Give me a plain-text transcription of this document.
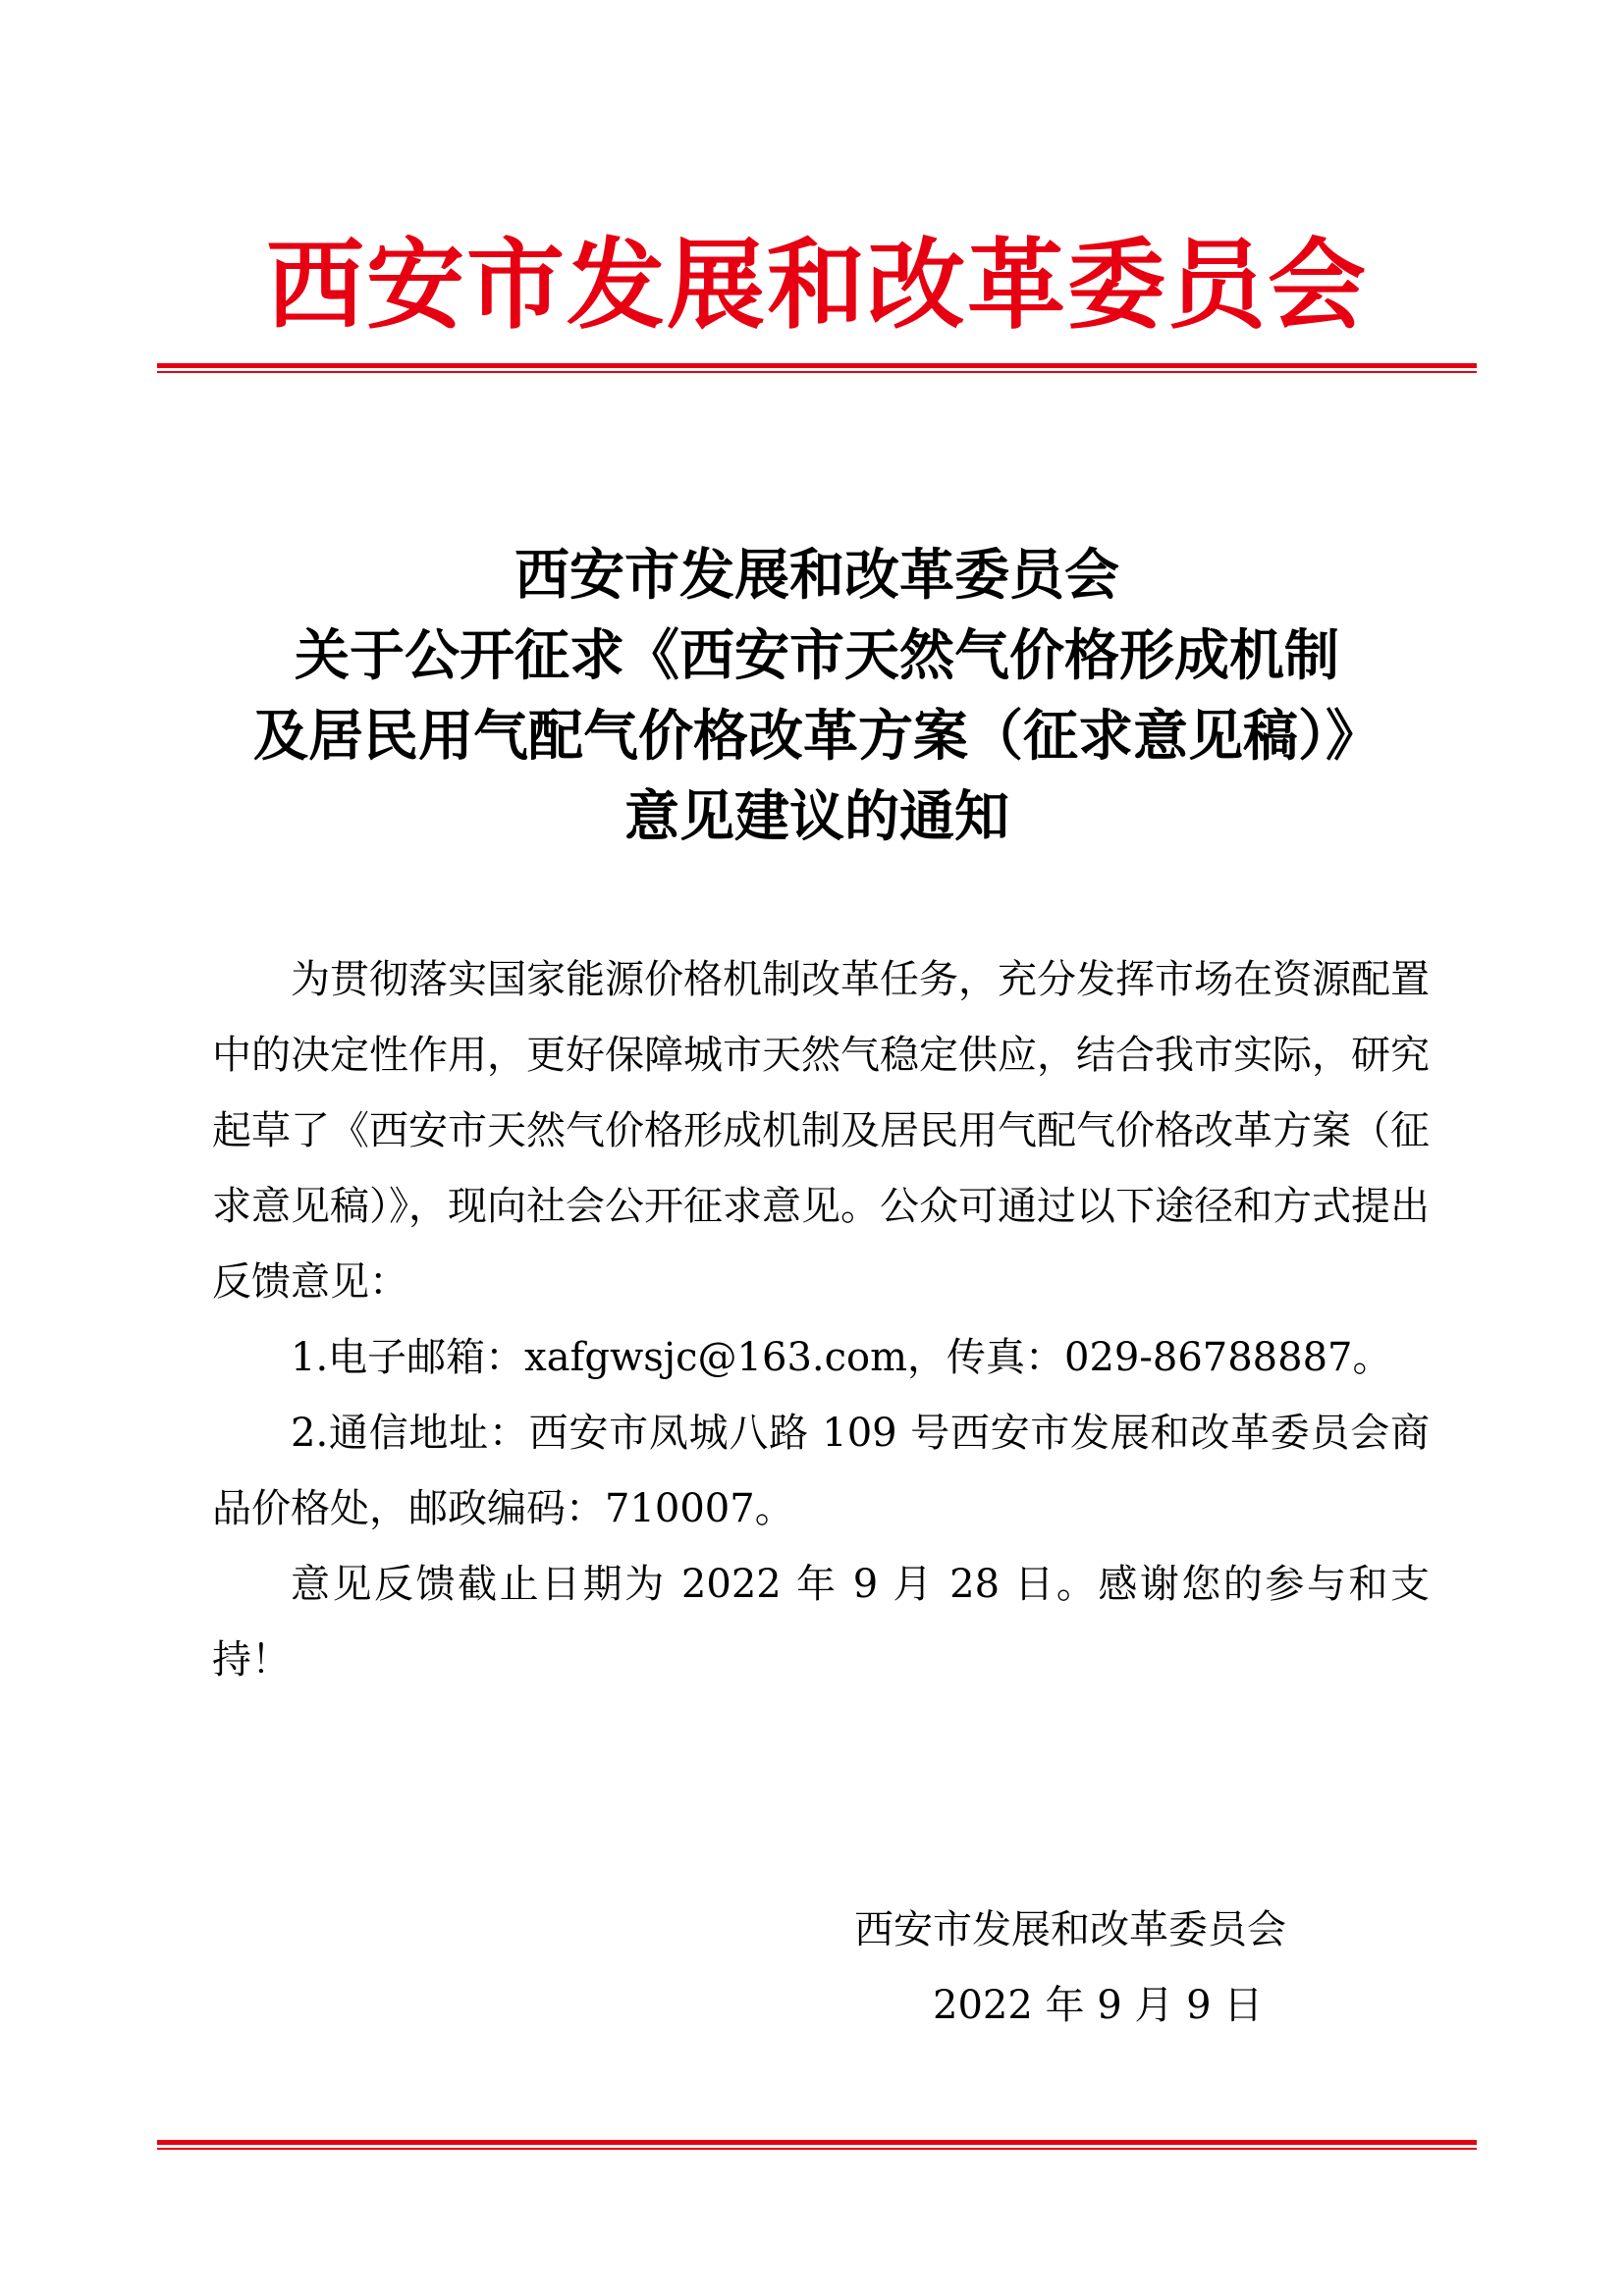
西安市发展和改革委员会
西安市发展和改革委员会
关于公开征求《西安市天然气价格形成机制
及居民用气配气价格改革方案（征求意见稿）》
意见建议的通知

为贯彻落实国家能源价格机制改革任务，充分发挥市场在资源配置中的决定性作用，更好保障城市天然气稳定供应，结合我市实际，研究起草了《西安市天然气价格形成机制及居民用气配气价格改革方案（征求意见稿）》，现向社会公开征求意见。公众可通过以下途径和方式提出反馈意见：

1.电子邮箱：xafgwsjc@163.com，传真：029-86788887。

2.通信地址：西安市凤城八路 109 号西安市发展和改革委员会商品价格处，邮政编码：710007。

意见反馈截止日期为 2022 年 9 月 28 日。感谢您的参与和支持！

西安市发展和改革委员会
2022 年 9 月 9 日
